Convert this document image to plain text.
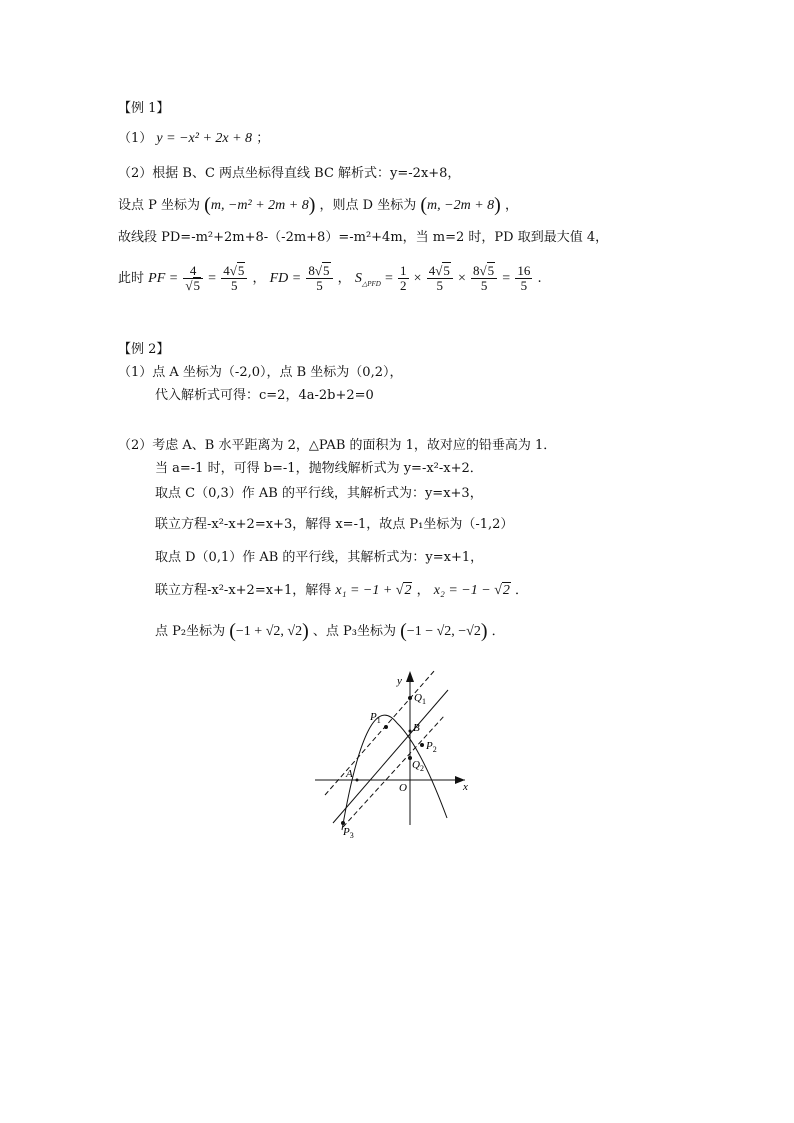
【例 1】
（1） y = −x² + 2x + 8 ；
（2）根据 B、C 两点坐标得直线 BC 解析式：y=-2x+8，
设点 P 坐标为 (m, −m² + 2m + 8) ，则点 D 坐标为 (m, −2m + 8) ，
故线段 PD=-m²+2m+8-（-2m+8）=-m²+4m，当 m=2 时，PD 取到最大值 4，
此时 PF = $\frac{4}{√5} = \frac{4√5}{5}$ ， FD = $\frac{8√5}{5}$ ， $S_{\triangle PFD} = \frac{1}{2} \times \frac{4√5}{5} \times \frac{8√5}{5} = \frac{16}{5}$ .
【例 2】
（1）点 A 坐标为（-2,0），点 B 坐标为（0,2），
代入解析式可得：c=2，4a-2b+2=0
（2）考虑 A、B 水平距离为 2，△PAB 的面积为 1，故对应的铅垂高为 1．
当 a=-1 时，可得 b=-1，抛物线解析式为 y=-x²-x+2．
取点 C（0,3）作 AB 的平行线，其解析式为：y=x+3，
联立方程-x²-x+2=x+3，解得 x=-1，故点 P₁坐标为（-1,2）
取点 D（0,1）作 AB 的平行线，其解析式为：y=x+1，
联立方程-x²-x+2=x+1，解得 x₁ = −1 + √2 ， x₂ = −1 − √2 ．
点 P₂坐标为 (−1 + √2, √2) 、点 P₃坐标为 (−1 − √2, −√2) ．
y
x
O
A
B
$P_1$
$Q_1$
$P_2$
$Q_2$
$P_3$
